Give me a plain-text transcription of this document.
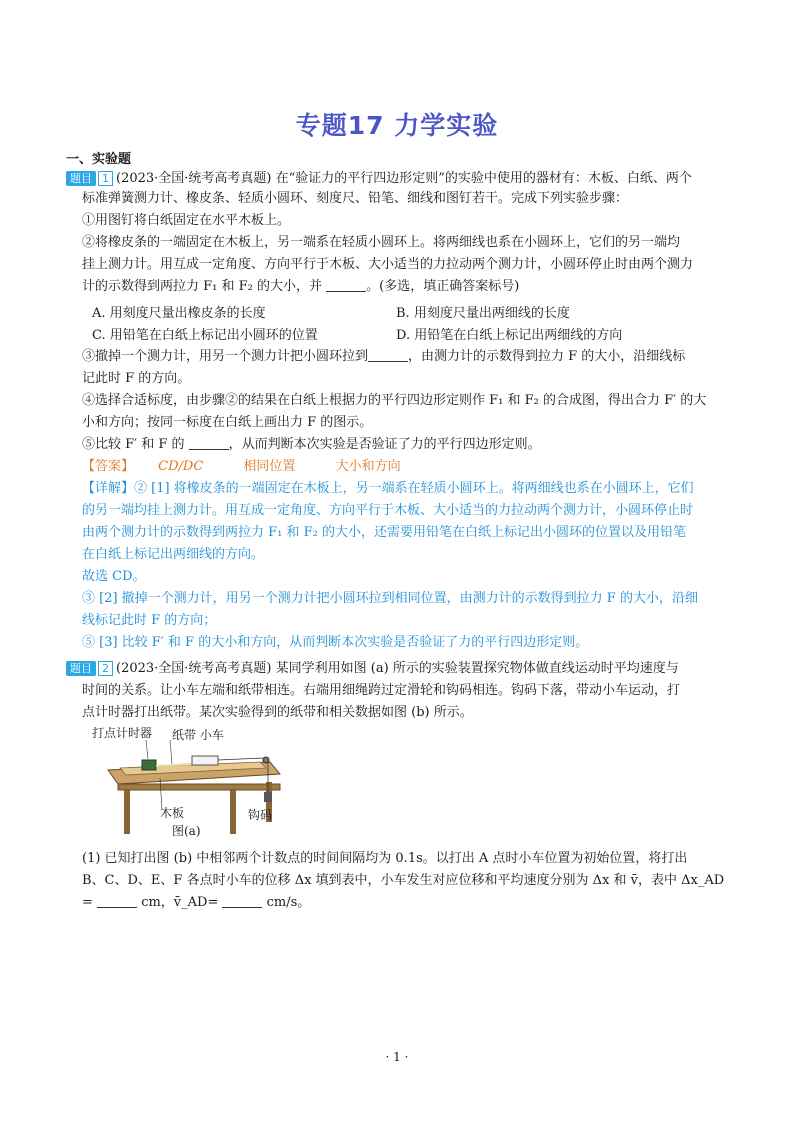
专题17 力学实验
一、实验题
题目 1 (2023·全国·统考高考真题) 在“验证力的平行四边形定则”的实验中使用的器材有：木板、白纸、两个
标准弹簧测力计、橡皮条、轻质小圆环、刻度尺、铅笔、细线和图钉若干。完成下列实验步骤：
①用图钉将白纸固定在水平木板上。
②将橡皮条的一端固定在木板上，另一端系在轻质小圆环上。将两细线也系在小圆环上，它们的另一端均
挂上测力计。用互成一定角度、方向平行于木板、大小适当的力拉动两个测力计，小圆环停止时由两个测力
计的示数得到两拉力 F₁ 和 F₂ 的大小，并	。(多选，填正确答案标号)
A. 用刻度尺量出橡皮条的长度	B. 用刻度尺量出两细线的长度
C. 用铅笔在白纸上标记出小圆环的位置	D. 用铅笔在白纸上标记出两细线的方向
③撤掉一个测力计，用另一个测力计把小圆环拉到	，由测力计的示数得到拉力 F 的大小，沿细线标
记此时 F 的方向。
④选择合适标度，由步骤②的结果在白纸上根据力的平行四边形定则作 F₁ 和 F₂ 的合成图，得出合力 F′ 的大
小和方向；按同一标度在白纸上画出力 F 的图示。
⑤比较 F′ 和 F 的	，从而判断本次实验是否验证了力的平行四边形定则。
【答案】 CD/DC	相同位置	大小和方向
【详解】② [1] 将橡皮条的一端固定在木板上，另一端系在轻质小圆环上。将两细线也系在小圆环上，它们
的另一端均挂上测力计。用互成一定角度、方向平行于木板、大小适当的力拉动两个测力计，小圆环停止时
由两个测力计的示数得到两拉力 F₁ 和 F₂ 的大小，还需要用铅笔在白纸上标记出小圆环的位置以及用铅笔
在白纸上标记出两细线的方向。
故选 CD。
③ [2] 撤掉一个测力计，用另一个测力计把小圆环拉到相同位置，由测力计的示数得到拉力 F 的大小，沿细
线标记此时 F 的方向；
⑤ [3] 比较 F′ 和 F 的大小和方向，从而判断本次实验是否验证了力的平行四边形定则。
题目 2 (2023·全国·统考高考真题) 某同学利用如图 (a) 所示的实验装置探究物体做直线运动时平均速度与
时间的关系。让小车左端和纸带相连。右端用细绳跨过定滑轮和钩码相连。钩码下落，带动小车运动，打
点计时器打出纸带。某次实验得到的纸带和相关数据如图 (b) 所示。
打点计时器 纸带 小车
木板	钩码
图(a)
(1) 已知打出图 (b) 中相邻两个计数点的时间间隔均为 0.1s。以打出 A 点时小车位置为初始位置，将打出
B、C、D、E、F 各点时小车的位移 Δx 填到表中，小车发生对应位移和平均速度分别为 Δx 和 v̄，表中 Δx_AD
=	cm，v̄_AD=	cm/s。
· 1 ·
